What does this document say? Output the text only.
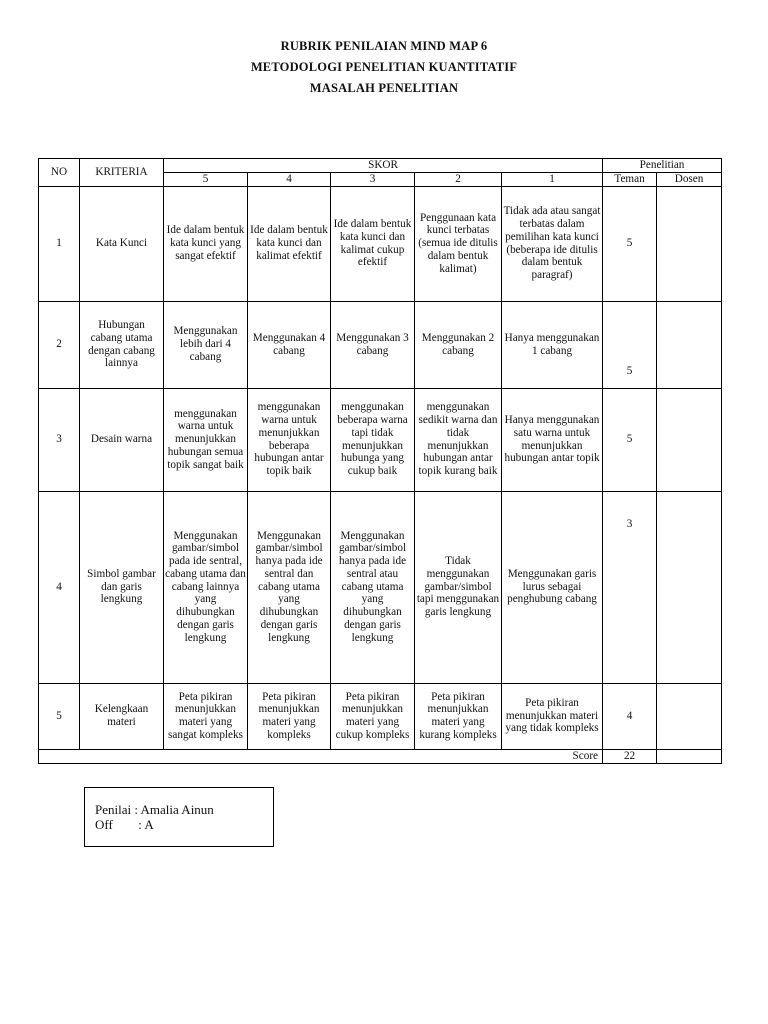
RUBRIK PENILAIAN MIND MAP 6
METODOLOGI PENELITIAN KUANTITATIF
MASALAH PENELITIAN
NO	KRITERIA	SKOR					Penelitian	
		5	4	3	2	1	Teman	Dosen
1	Kata Kunci	Ide dalam bentuk kata kunci yang sangat efektif	Ide dalam bentuk kata kunci dan kalimat efektif	Ide dalam bentuk kata kunci dan kalimat cukup efektif	Penggunaan kata kunci terbatas (semua ide ditulis dalam bentuk kalimat)	Tidak ada atau sangat terbatas dalam pemilihan kata kunci (beberapa ide ditulis dalam bentuk paragraf)	5	
2	Hubungan cabang utama dengan cabang lainnya	Menggunakan lebih dari 4 cabang	Menggunakan 4 cabang	Menggunakan 3 cabang	Menggunakan 2 cabang	Hanya menggunakan 1 cabang	5	
3	Desain warna	menggunakan warna untuk menunjukkan hubungan semua topik sangat baik	menggunakan warna untuk menunjukkan beberapa hubungan antar topik baik	menggunakan beberapa warna tapi tidak menunjukkan hubunga yang cukup baik	menggunakan sedikit warna dan tidak menunjukkan hubungan antar topik kurang baik	Hanya menggunakan satu warna untuk menunjukkan hubungan antar topik	5	
4	Simbol gambar dan garis lengkung	Menggunakan gambar/simbol pada ide sentral, cabang utama dan cabang lainnya yang dihubungkan dengan garis lengkung	Menggunakan gambar/simbol hanya pada ide sentral dan cabang utama yang dihubungkan dengan garis lengkung	Menggunakan gambar/simbol hanya pada ide sentral atau cabang utama yang dihubungkan dengan garis lengkung	Tidak menggunakan gambar/simbol tapi menggunakan garis lengkung	Menggunakan garis lurus sebagai penghubung cabang	3	
5	Kelengkaan materi	Peta pikiran menunjukkan materi yang sangat kompleks	Peta pikiran menunjukkan materi yang kompleks	Peta pikiran menunjukkan materi yang cukup kompleks	Peta pikiran menunjukkan materi yang kurang kompleks	Peta pikiran menunjukkan materi yang tidak kompleks	4	
Score							22	
Penilai : Amalia Ainun
Off : A
